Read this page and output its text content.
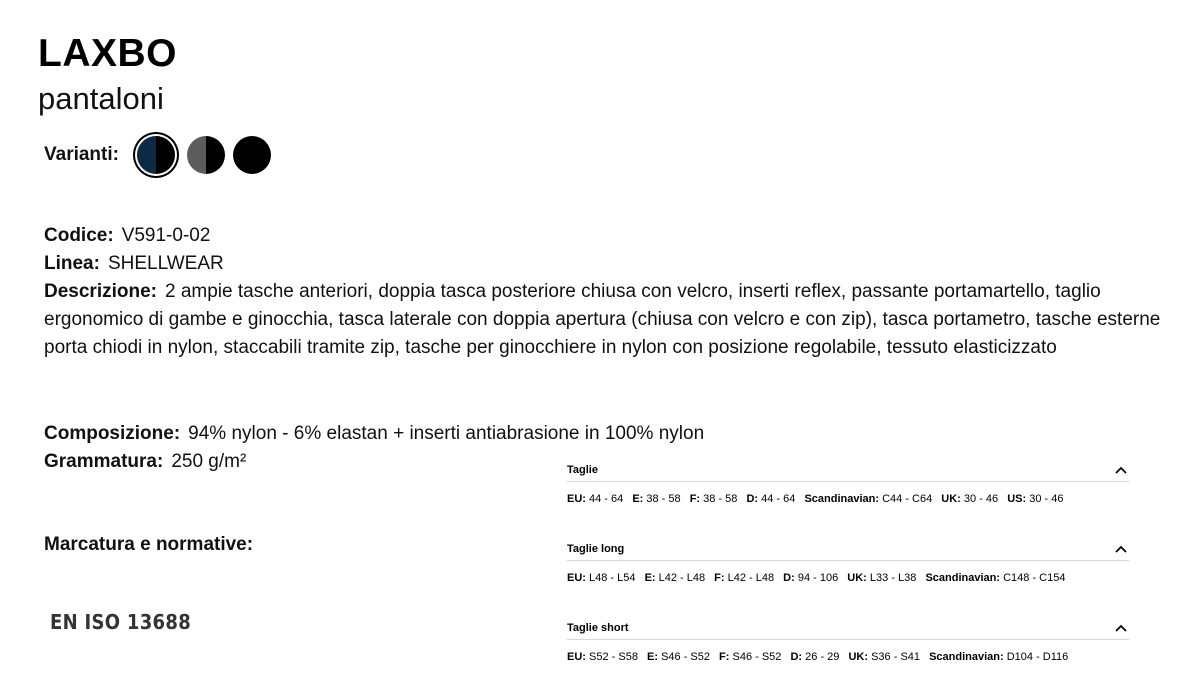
LAXBO
pantaloni
Varianti:
Codice: V591-0-02
Linea: SHELLWEAR
Descrizione: 2 ampie tasche anteriori, doppia tasca posteriore chiusa con velcro, inserti reflex, passante portamartello, taglio
ergonomico di gambe e ginocchia, tasca laterale con doppia apertura (chiusa con velcro e con zip), tasca portametro, tasche esterne
porta chiodi in nylon, staccabili tramite zip, tasche per ginocchiere in nylon con posizione regolabile, tessuto elasticizzato
Composizione: 94% nylon - 6% elastan + inserti antiabrasione in 100% nylon
Grammatura: 250 g/m²
Marcatura e normative:
EN ISO 13688
Taglie
EU: 44 - 64 E: 38 - 58 F: 38 - 58 D: 44 - 64 Scandinavian: C44 - C64 UK: 30 - 46 US: 30 - 46
Taglie long
EU: L48 - L54 E: L42 - L48 F: L42 - L48 D: 94 - 106 UK: L33 - L38 Scandinavian: C148 - C154
Taglie short
EU: S52 - S58 E: S46 - S52 F: S46 - S52 D: 26 - 29 UK: S36 - S41 Scandinavian: D104 - D116
